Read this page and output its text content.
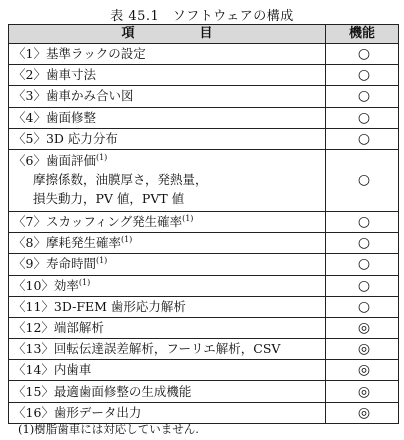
表 45.1　ソフトウェアの構成
項　目	機能
〈1〉基準ラックの設定	○
〈2〉歯車寸法	○
〈3〉歯車かみ合い図	○
〈4〉歯面修整	○
〈5〉3D 応力分布	○
〈6〉歯面評価$^{(1)}$
摩擦係数，油膜厚さ，発熱量，
損失動力，PV 値，PVT 値	○
〈7〉スカッフィング発生確率$^{(1)}$	○
〈8〉摩耗発生確率$^{(1)}$	○
〈9〉寿命時間$^{(1)}$	○
〈10〉効率$^{(1)}$	○
〈11〉3D-FEM 歯形応力解析	○
〈12〉端部解析	◎
〈13〉回転伝達誤差解析，フーリエ解析，CSV	◎
〈14〉内歯車	◎
〈15〉最適歯面修整の生成機能	◎
〈16〉歯形データ出力	◎
(1)樹脂歯車には対応していません.
